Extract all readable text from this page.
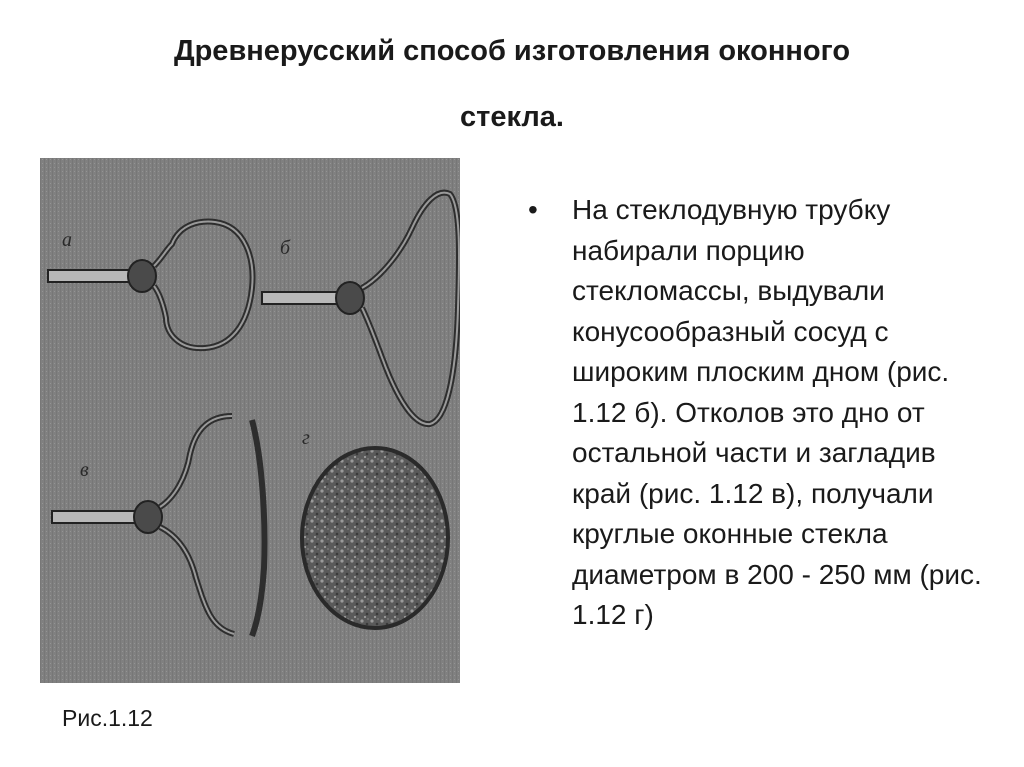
Древнерусский способ изготовления оконного
стекла.
а	б
в
г
Рис.1.12
• На стеклодувную трубку набирали порцию стекломассы, выдували конусообразный сосуд с широким плоским дном (рис. 1.12 б). Отколов это дно от остальной части и загладив край (рис. 1.12 в), получали круглые оконные стекла диаметром в 200 - 250 мм (рис. 1.12 г)
